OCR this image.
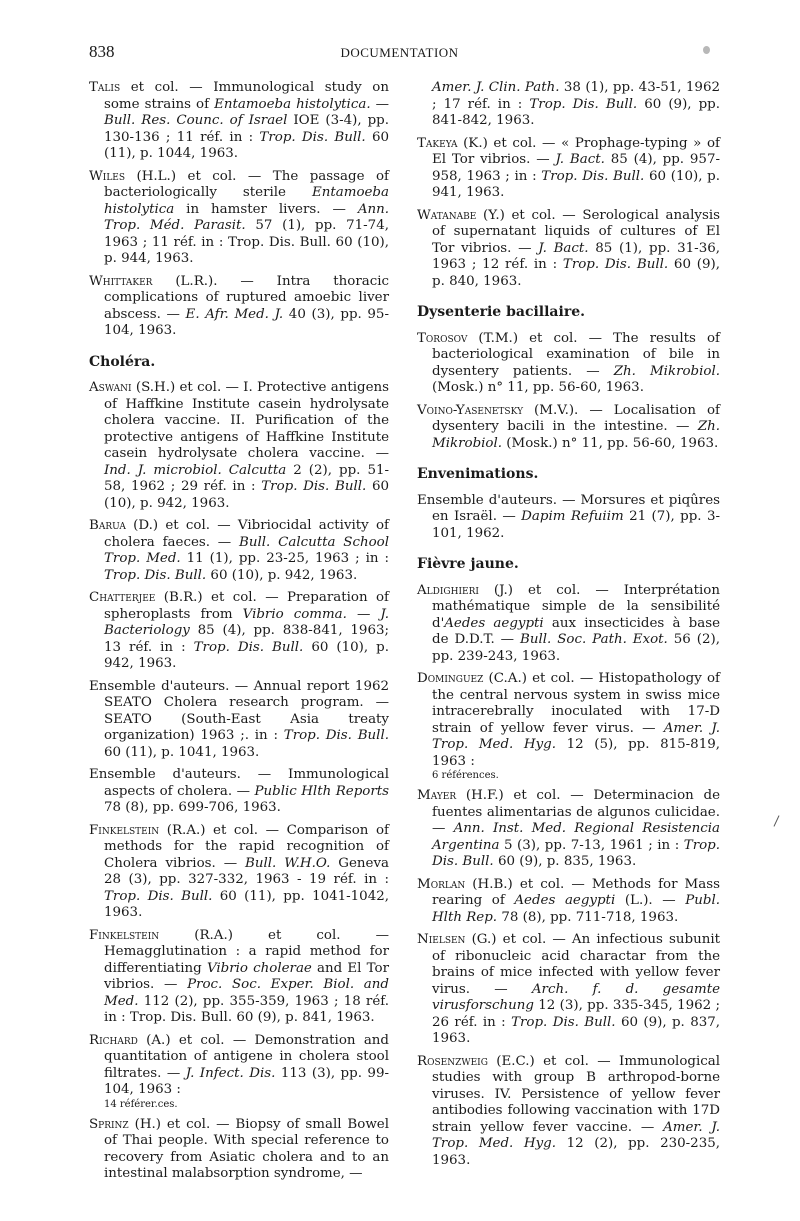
838	DOCUMENTATION

Talis et col. — Immunological study on some strains of Entamoeba histolytica. — Bull. Res. Counc. of Israel IOE (3-4), pp. 130-136 ; 11 réf. in : Trop. Dis. Bull. 60 (11), p. 1044, 1963.

Wiles (H.L.) et col. — The passage of bacteriologically sterile Entamoeba histolytica in hamster livers. — Ann. Trop. Méd. Parasit. 57 (1), pp. 71-74, 1963 ; 11 réf. in : Trop. Dis. Bull. 60 (10), p. 944, 1963.

Whittaker (L.R.). — Intra thoracic complications of ruptured amoebic liver abscess. — E. Afr. Med. J. 40 (3), pp. 95-104, 1963.

Choléra.

Aswani (S.H.) et col. — I. Protective antigens of Haffkine Institute casein hydrolysate cholera vaccine. II. Purification of the protective antigens of Haffkine Institute casein hydrolysate cholera vaccine. — Ind. J. microbiol. Calcutta 2 (2), pp. 51-58, 1962 ; 29 réf. in : Trop. Dis. Bull. 60 (10), p. 942, 1963.

Barua (D.) et col. — Vibriocidal activity of cholera faeces. — Bull. Calcutta School Trop. Med. 11 (1), pp. 23-25, 1963 ; in : Trop. Dis. Bull. 60 (10), p. 942, 1963.

Chatterjee (B.R.) et col. — Preparation of spheroplasts from Vibrio comma. — J. Bacteriology 85 (4), pp. 838-841, 1963; 13 réf. in : Trop. Dis. Bull. 60 (10), p. 942, 1963.

Ensemble d'auteurs. — Annual report 1962 SEATO Cholera research program. — SEATO (South-East Asia treaty organization) 1963 ;. in : Trop. Dis. Bull. 60 (11), p. 1041, 1963.

Ensemble d'auteurs. — Immunological aspects of cholera. — Public Hlth Reports 78 (8), pp. 699-706, 1963.

Finkelstein (R.A.) et col. — Comparison of methods for the rapid recognition of Cholera vibrios. — Bull. W.H.O. Geneva 28 (3), pp. 327-332, 1963 - 19 réf. in : Trop. Dis. Bull. 60 (11), pp. 1041-1042, 1963.

Finkelstein (R.A.) et col. — Hemagglutination : a rapid method for differentiating Vibrio cholerae and El Tor vibrios. — Proc. Soc. Exper. Biol. and Med. 112 (2), pp. 355-359, 1963 ; 18 réf. in : Trop. Dis. Bull. 60 (9), p. 841, 1963.

Richard (A.) et col. — Demonstration and quantitation of antigene in cholera stool filtrates. — J. Infect. Dis. 113 (3), pp. 99-104, 1963 :
14 référer.ces.

Sprinz (H.) et col. — Biopsy of small Bowel of Thai people. With special reference to recovery from Asiatic cholera and to an intestinal malabsorption syndrome, —

Amer. J. Clin. Path. 38 (1), pp. 43-51, 1962 ; 17 réf. in : Trop. Dis. Bull. 60 (9), pp. 841-842, 1963.

Takeya (K.) et col. — « Prophage-typing » of El Tor vibrios. — J. Bact. 85 (4), pp. 957-958, 1963 ; in : Trop. Dis. Bull. 60 (10), p. 941, 1963.

Watanabe (Y.) et col. — Serological analysis of supernatant liquids of cultures of El Tor vibrios. — J. Bact. 85 (1), pp. 31-36, 1963 ; 12 réf. in : Trop. Dis. Bull. 60 (9), p. 840, 1963.

Dysenterie bacillaire.

Torosov (T.M.) et col. — The results of bacteriological examination of bile in dysentery patients. — Zh. Mikrobiol. (Mosk.) n° 11, pp. 56-60, 1963.

Voino-Yasenetsky (M.V.). — Localisation of dysentery bacili in the intestine. — Zh. Mikrobiol. (Mosk.) n° 11, pp. 56-60, 1963.

Envenimations.

Ensemble d'auteurs. — Morsures et piqûres en Israël. — Dapim Refuiim 21 (7), pp. 3-101, 1962.

Fièvre jaune.

Aldighieri (J.) et col. — Interprétation mathématique simple de la sensibilité d'Aedes aegypti aux insecticides à base de D.D.T. — Bull. Soc. Path. Exot. 56 (2), pp. 239-243, 1963.

Dominguez (C.A.) et col. — Histopathology of the central nervous system in swiss mice intracerebrally inoculated with 17-D strain of yellow fever virus. — Amer. J. Trop. Med. Hyg. 12 (5), pp. 815-819, 1963 :
6 références.

Mayer (H.F.) et col. — Determinacion de fuentes alimentarias de algunos culicidae. — Ann. Inst. Med. Regional Resistencia Argentina 5 (3), pp. 7-13, 1961 ; in : Trop. Dis. Bull. 60 (9), p. 835, 1963.

Morlan (H.B.) et col. — Methods for Mass rearing of Aedes aegypti (L.). — Publ. Hlth Rep. 78 (8), pp. 711-718, 1963.

Nielsen (G.) et col. — An infectious subunit of ribonucleic acid charactar from the brains of mice infected with yellow fever virus. — Arch. f. d. gesamte virusforschung 12 (3), pp. 335-345, 1962 ; 26 réf. in : Trop. Dis. Bull. 60 (9), p. 837, 1963.

Rosenzweig (E.C.) et col. — Immunological studies with group B arthropod-borne viruses. IV. Persistence of yellow fever antibodies following vaccination with 17D strain yellow fever vaccine. — Amer. J. Trop. Med. Hyg. 12 (2), pp. 230-235, 1963.
